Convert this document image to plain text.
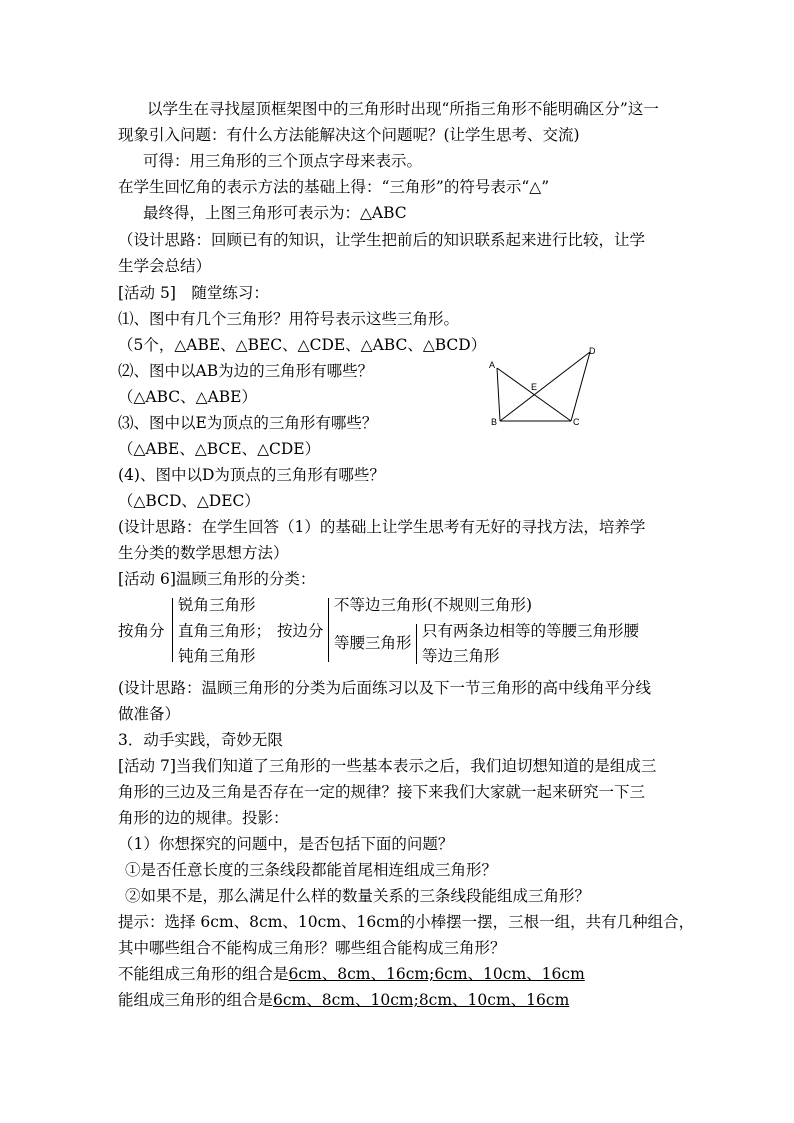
以学生在寻找屋顶框架图中的三角形时出现“所指三角形不能明确区分”这一
现象引入问题：有什么方法能解决这个问题呢？(让学生思考、交流)
可得：用三角形的三个顶点字母来表示。
在学生回忆角的表示方法的基础上得：“三角形”的符号表示“△”
最终得，上图三角形可表示为：△ABC
（设计思路：回顾已有的知识，让学生把前后的知识联系起来进行比较，让学
生学会总结）
[活动 5]　随堂练习：
⑴、图中有几个三角形？用符号表示这些三角形。
（5个，△ABE、△BEC、△CDE、△ABC、△BCD）
⑵、图中以AB为边的三角形有哪些？
（△ABC、△ABE）
⑶、图中以E为顶点的三角形有哪些？
（△ABE、△BCE、△CDE）
(4)、图中以D为顶点的三角形有哪些？
（△BCD、△DEC）
(设计思路：在学生回答（1）的基础上让学生思考有无好的寻找方法，培养学
生分类的数学思想方法）
[活动 6]温顾三角形的分类：
A
B	C
D
E
按角分
锐角三角形
直角三角形；
钝角三角形
按边分
不等边三角形(不规则三角形)
等腰三角形
只有两条边相等的等腰三角形腰
等边三角形
(设计思路：温顾三角形的分类为后面练习以及下一节三角形的高中线角平分线
做准备）
3．动手实践，奇妙无限
[活动 7]当我们知道了三角形的一些基本表示之后，我们迫切想知道的是组成三
角形的三边及三角是否存在一定的规律？接下来我们大家就一起来研究一下三
角形的边的规律。投影：
（1）你想探究的问题中，是否包括下面的问题？
①是否任意长度的三条线段都能首尾相连组成三角形？
②如果不是，那么满足什么样的数量关系的三条线段能组成三角形？
提示：选择 6cm、8cm、10cm、16cm的小棒摆一摆，三根一组，共有几种组合，
其中哪些组合不能构成三角形？哪些组合能构成三角形？
不能组成三角形的组合是6cm、8cm、16cm;6cm、10cm、16cm
能组成三角形的组合是6cm、8cm、10cm;8cm、10cm、16cm
